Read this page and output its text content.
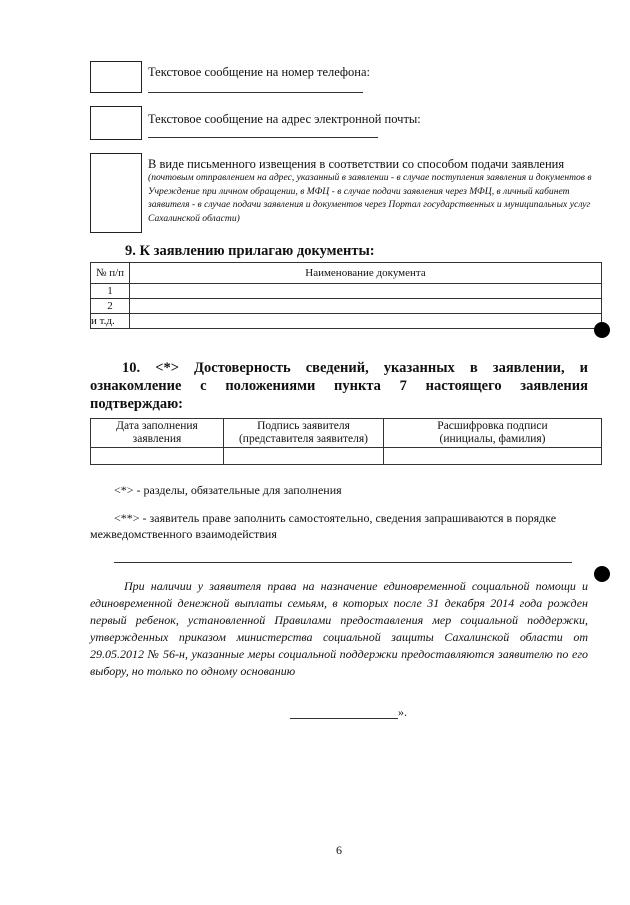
Текстовое сообщение на номер телефона:
Текстовое сообщение на адрес электронной почты:
В виде письменного извещения в соответствии со способом подачи заявления
(почтовым отправлением на адрес, указанный в заявлении - в случае поступления заявления и документов в Учреждение при личном обращении, в МФЦ - в случае подачи заявления через МФЦ, в личный кабинет заявителя - в случае подачи заявления и документов через Портал государственных и муниципальных услуг Сахалинской области)
9. К заявлению прилагаю документы:
№ п/п	Наименование документа
1	
2	
и т.д.	
10. <*> Достоверность сведений, указанных в заявлении, и ознакомление с положениями пункта 7 настоящего заявления подтверждаю:
Дата заполнения заявления	Подпись заявителя (представителя заявителя)	Расшифровка подписи (инициалы, фамилия)

<*> - разделы, обязательные для заполнения
<**> - заявитель праве заполнить самостоятельно, сведения запрашиваются в порядке межведомственного взаимодействия
При наличии у заявителя права на назначение единовременной социальной помощи и единовременной денежной выплаты семьям, в которых после 31 декабря 2014 года рожден первый ребенок, установленной Правилами предоставления мер социальной поддержки, утвержденных приказом министерства социальной защиты Сахалинской области от 29.05.2012 № 56-н, указанные меры социальной поддержки предоставляются заявителю по его выбору, но только по одному основанию
».
6
